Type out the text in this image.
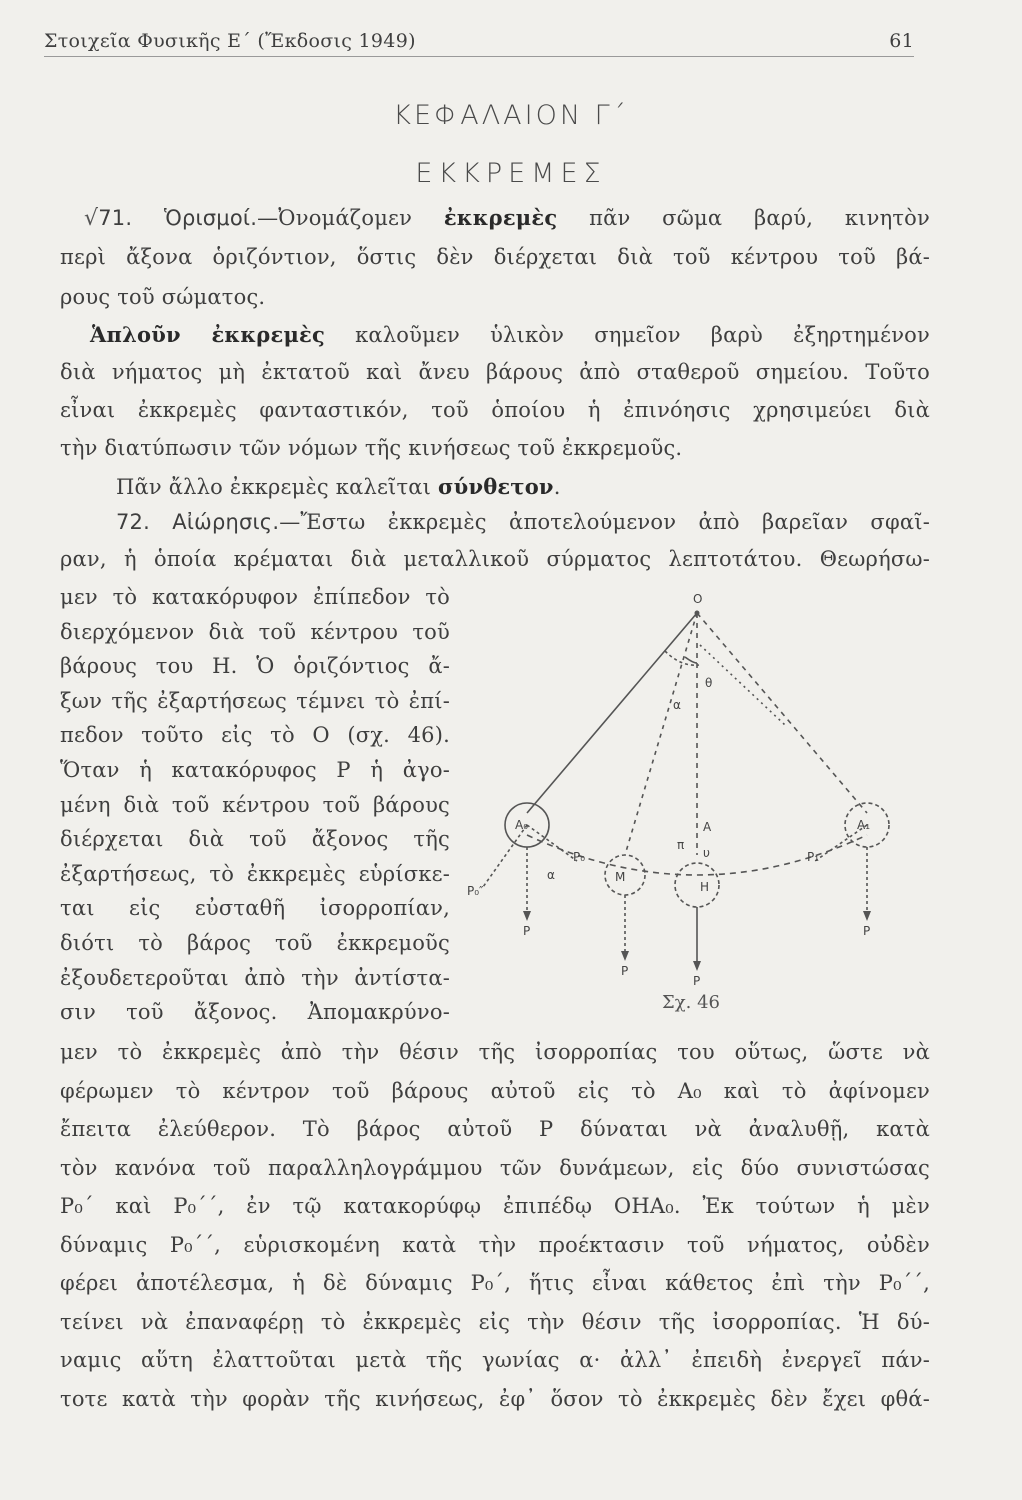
Στοιχεῖα Φυσικῆς Ε΄ (Ἔκδοσις 1949)	61
ΚΕΦΑΛΑΙΟΝ Γ΄
ΕΚΚΡΕΜΕΣ
√71. Ὁρισμοί.—Ὀνομάζομεν ἐκκρεμὲς πᾶν σῶμα βαρύ, κινητὸν
περὶ ἄξονα ὁριζόντιον, ὅστις δὲν διέρχεται διὰ τοῦ κέντρου τοῦ βά-
ρους τοῦ σώματος.
Ἁπλοῦν ἐκκρεμὲς καλοῦμεν ὑλικὸν σημεῖον βαρὺ ἐξηρτημένον
διὰ νήματος μὴ ἐκτατοῦ καὶ ἄνευ βάρους ἀπὸ σταθεροῦ σημείου. Τοῦτο
εἶναι ἐκκρεμὲς φανταστικόν, τοῦ ὁποίου ἡ ἐπινόησις χρησιμεύει διὰ
τὴν διατύπωσιν τῶν νόμων τῆς κινήσεως τοῦ ἐκκρεμοῦς.
Πᾶν ἄλλο ἐκκρεμὲς καλεῖται σύνθετον.
72. Αἰώρησις.—Ἔστω ἐκκρεμὲς ἀποτελούμενον ἀπὸ βαρεῖαν σφαῖ-
ραν, ἡ ὁποία κρέμαται διὰ μεταλλικοῦ σύρματος λεπτοτάτου. Θεωρήσω-
μεν τὸ κατακόρυφον ἐπίπεδον τὸ
διερχόμενον διὰ τοῦ κέντρου τοῦ
βάρους του Η. Ὁ ὁριζόντιος ἄ-
ξων τῆς ἐξαρτήσεως τέμνει τὸ ἐπί-
πεδον τοῦτο εἰς τὸ Ο (σχ. 46).
Ὅταν ἡ κατακόρυφος Ρ ἡ ἀγο-
μένη διὰ τοῦ κέντρου τοῦ βάρους
διέρχεται διὰ τοῦ ἄξονος τῆς
ἐξαρτήσεως, τὸ ἐκκρεμὲς εὑρίσκε-
ται εἰς εὐσταθῆ ἰσορροπίαν,
διότι τὸ βάρος τοῦ ἐκκρεμοῦς
ἐξουδετεροῦται ἀπὸ τὴν ἀντίστα-
σιν τοῦ ἄξονος. Ἀπομακρύνο-
μεν τὸ ἐκκρεμὲς ἀπὸ τὴν θέσιν τῆς ἰσορροπίας του οὕτως, ὥστε νὰ
φέρωμεν τὸ κέντρον τοῦ βάρους αὐτοῦ εἰς τὸ Α₀ καὶ τὸ ἀφίνομεν
ἔπειτα ἐλεύθερον. Τὸ βάρος αὐτοῦ Ρ δύναται νὰ ἀναλυθῇ, κατὰ
τὸν κανόνα τοῦ παραλληλογράμμου τῶν δυνάμεων, εἰς δύο συνιστώσας
Ρ₀΄ καὶ Ρ₀΄΄, ἐν τῷ κατακορύφῳ ἐπιπέδῳ ΟΗΑ₀. Ἐκ τούτων ἡ μὲν
δύναμις Ρ₀΄΄, εὑρισκομένη κατὰ τὴν προέκτασιν τοῦ νήματος, οὐδὲν
φέρει ἀποτέλεσμα, ἡ δὲ δύναμις Ρ₀΄, ἥτις εἶναι κάθετος ἐπὶ τὴν Ρ₀΄΄,
τείνει νὰ ἐπαναφέρῃ τὸ ἐκκρεμὲς εἰς τὴν θέσιν τῆς ἰσορροπίας. Ἡ δύ-
ναμις αὕτη ἐλαττοῦται μετὰ τῆς γωνίας α· ἀλλ᾽ ἐπειδὴ ἐνεργεῖ πάν-
τοτε κατὰ τὴν φορὰν τῆς κινήσεως, ἐφ᾽ ὅσον τὸ ἐκκρεμὲς δὲν ἔχει φθά-
O
θ
α
A₀	A₁
A
υ
π
H
M
α
P₀
P₀″
P₁
P
P
P
P
Σχ. 46
